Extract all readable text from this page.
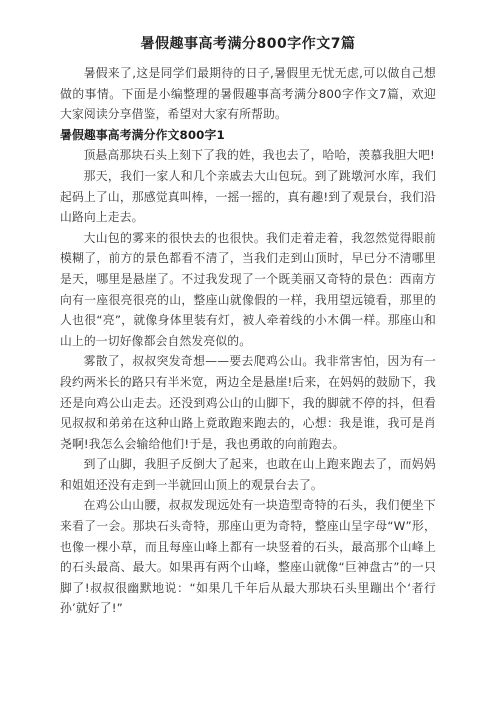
暑假趣事高考满分800字作文7篇

暑假来了,这是同学们最期待的日子,暑假里无忧无虑,可以做自己想做的事情。下面是小编整理的暑假趣事高考满分800字作文7篇，欢迎大家阅读分享借鉴，希望对大家有所帮助。

暑假趣事高考满分作文800字1

顶悬高那块石头上刻下了我的姓，我也去了，哈哈，羡慕我胆大吧!

那天，我们一家人和几个亲戚去大山包玩。到了跳墩河水库，我们起码上了山，那感觉真叫棒，一摇一摇的，真有趣!到了观景台，我们沿山路向上走去。

大山包的雾来的很快去的也很快。我们走着走着，我忽然觉得眼前模糊了，前方的景色都看不清了，当我们走到山顶时，早已分不清哪里是天，哪里是悬崖了。不过我发现了一个既美丽又奇特的景色：西南方向有一座很亮很亮的山，整座山就像假的一样，我用望远镜看，那里的人也很“亮”，就像身体里装有灯，被人牵着线的小木偶一样。那座山和山上的一切好像都会自然发亮似的。

雾散了，叔叔突发奇想——要去爬鸡公山。我非常害怕，因为有一段约两米长的路只有半米宽，两边全是悬崖!后来，在妈妈的鼓励下，我还是向鸡公山走去。还没到鸡公山的山脚下，我的脚就不停的抖，但看见叔叔和弟弟在这种山路上竟敢跑来跑去的，心想：我是谁，我可是肖尧啊!我怎么会输给他们!于是，我也勇敢的向前跑去。

到了山脚，我胆子反倒大了起来，也敢在山上跑来跑去了，而妈妈和姐姐还没有走到一半就回山顶上的观景台去了。

在鸡公山山腰，叔叔发现远处有一块造型奇特的石头，我们便坐下来看了一会。那块石头奇特，那座山更为奇特，整座山呈字母“W”形，也像一棵小草，而且每座山峰上都有一块竖着的石头，最高那个山峰上的石头最高、最大。如果再有两个山峰，整座山就像“巨神盘古”的一只脚了!叔叔很幽默地说：“如果几千年后从最大那块石头里蹦出个‘者行孙’就好了!”
